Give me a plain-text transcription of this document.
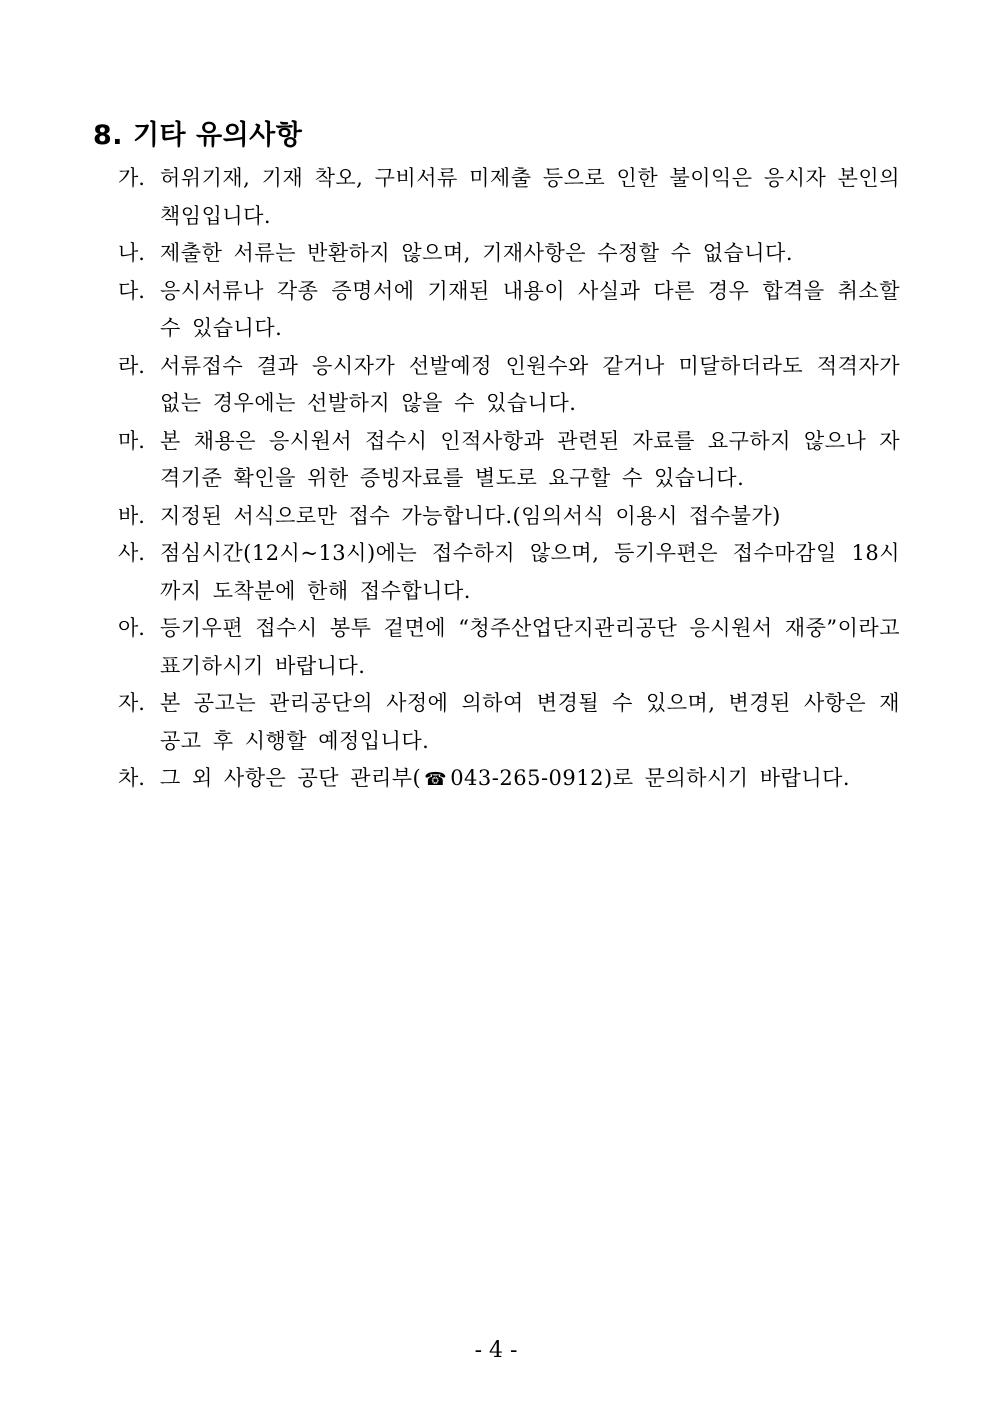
8. 기타 유의사항
가. 허위기재, 기재 착오, 구비서류 미제출 등으로 인한 불이익은 응시자 본인의 책임입니다.
나. 제출한 서류는 반환하지 않으며, 기재사항은 수정할 수 없습니다.
다. 응시서류나 각종 증명서에 기재된 내용이 사실과 다른 경우 합격을 취소할 수 있습니다.
라. 서류접수 결과 응시자가 선발예정 인원수와 같거나 미달하더라도 적격자가 없는 경우에는 선발하지 않을 수 있습니다.
마. 본 채용은 응시원서 접수시 인적사항과 관련된 자료를 요구하지 않으나 자격기준 확인을 위한 증빙자료를 별도로 요구할 수 있습니다.
바. 지정된 서식으로만 접수 가능합니다.(임의서식 이용시 접수불가)
사. 점심시간(12시~13시)에는 접수하지 않으며, 등기우편은 접수마감일 18시까지 도착분에 한해 접수합니다.
아. 등기우편 접수시 봉투 겉면에 “청주산업단지관리공단 응시원서 재중”이라고 표기하시기 바랍니다.
자. 본 공고는 관리공단의 사정에 의하여 변경될 수 있으며, 변경된 사항은 재공고 후 시행할 예정입니다.
차. 그 외 사항은 공단 관리부( ☎ 043-265-0912)로 문의하시기 바랍니다.

- 4 -
